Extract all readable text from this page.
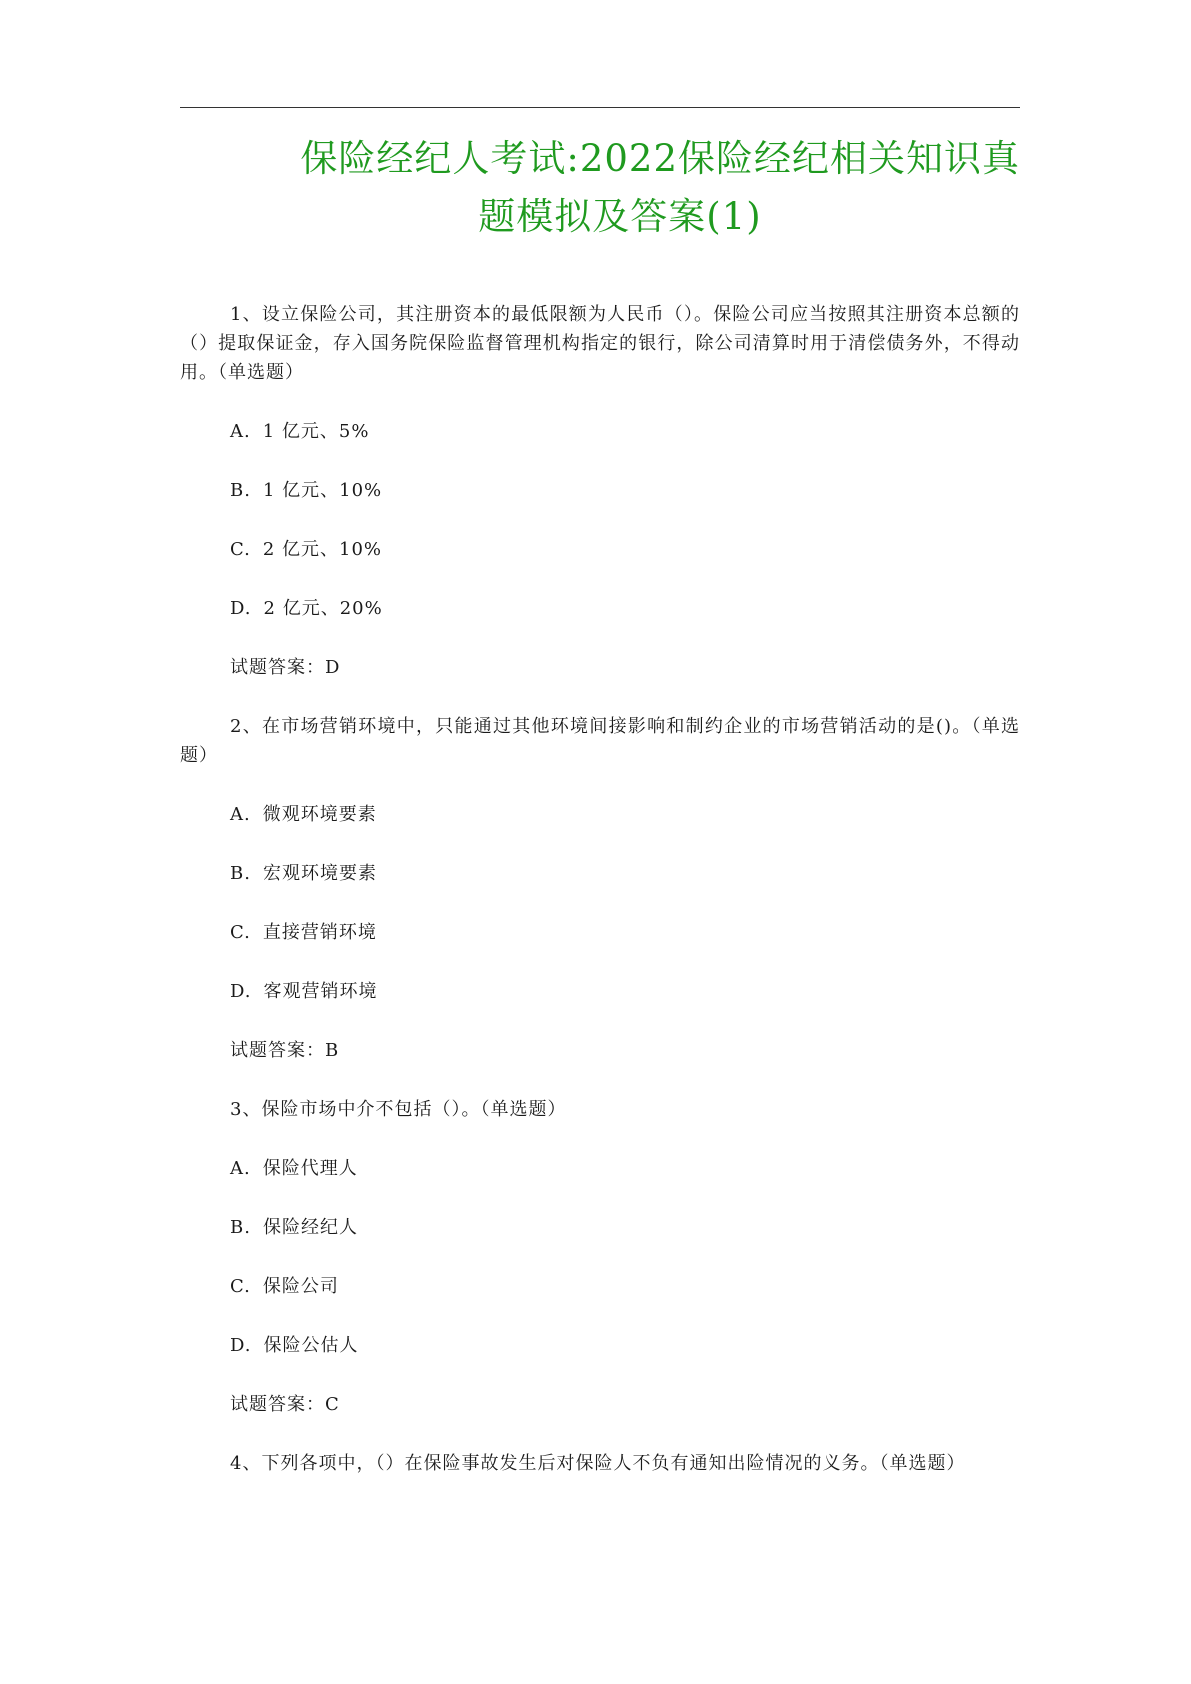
保险经纪人考试:2022保险经纪相关知识真
题模拟及答案(1)

1、设立保险公司，其注册资本的最低限额为人民币（）。保险公司应当按照其注册资本总额的（）提取保证金，存入国务院保险监督管理机构指定的银行，除公司清算时用于清偿债务外，不得动用。（单选题）

A. 1 亿元、5%

B. 1 亿元、10%

C. 2 亿元、10%

D. 2 亿元、20%

试题答案：D

2、在市场营销环境中，只能通过其他环境间接影响和制约企业的市场营销活动的是()。（单选题）

A. 微观环境要素

B. 宏观环境要素

C. 直接营销环境

D. 客观营销环境

试题答案：B

3、保险市场中介不包括（）。（单选题）

A. 保险代理人

B. 保险经纪人

C. 保险公司

D. 保险公估人

试题答案：C

4、下列各项中，（）在保险事故发生后对保险人不负有通知出险情况的义务。（单选题）
